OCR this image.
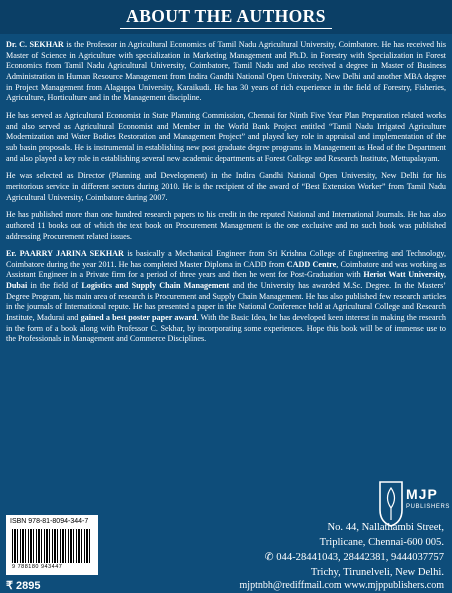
ABOUT THE AUTHORS

Dr. C. SEKHAR is the Professor in Agricultural Economics of Tamil Nadu Agricultural University, Coimbatore. He has received his Master of Science in Agriculture with specialization in Marketing Management and Ph.D. in Forestry with Specialization in Forest Economics from Tamil Nadu Agricultural University, Coimbatore, Tamil Nadu and also received a degree in Master of Business Administration in Human Resource Management from Indira Gandhi National Open University, New Delhi and another MBA degree in Project Management from Alagappa University, Karaikudi. He has 30 years of rich experience in the field of Forestry, Fisheries, Agriculture, Horticulture and in the Management discipline.

He has served as Agricultural Economist in State Planning Commission, Chennai for Ninth Five Year Plan Preparation related works and also served as Agricultural Economist and Member in the World Bank Project entitled “Tamil Nadu Irrigated Agriculture Modernization and Water Bodies Restoration and Management Project” and played key role in appraisal and implementation of the sub basin proposals. He is instrumental in establishing new post graduate degree programs in Management as Head of the Department and also played a key role in establishing several new academic departments at Forest College and Research Institute, Mettupalayam.

He was selected as Director (Planning and Development) in the Indira Gandhi National Open University, New Delhi for his meritorious service in different sectors during 2010. He is the recipient of the award of “Best Extension Worker” from Tamil Nadu Agricultural University, Coimbatore during 2007.

He has published more than one hundred research papers to his credit in the reputed National and International Journals. He has also authored 11 books out of which the text book on Procurement Management is the one exclusive and no such book was published addressing Procurement related issues.

Er. PAARRY JARINA SEKHAR is basically a Mechanical Engineer from Sri Krishna College of Engineering and Technology, Coimbatore during the year 2011. He has completed Master Diploma in CADD from CADD Centre, Coimbatore and was working as Assistant Engineer in a Private firm for a period of three years and then he went for Post-Graduation with Heriot Watt University, Dubai in the field of Logistics and Supply Chain Management and the University has awarded M.Sc. Degree. In the Masters’ Degree Program, his main area of research is Procurement and Supply Chain Management. He has also published few research articles in the journals of International repute. He has presented a paper in the National Conference held at Agricultural College and Research Institute, Madurai and gained a best poster paper award. With the Basic Idea, he has developed keen interest in making the research in the form of a book along with Professor C. Sekhar, by incorporating some experiences. Hope this book will be of immense use to the Professionals in Management and Commerce Disciplines.

MJP
PUBLISHERS
ISBN 978-81-8094-344-7
9 788180 943447
₹ 2895
No. 44, Nallathambi Street,
Triplicane, Chennai-600 005.
✆ 044-28441043, 28442381, 9444037757
Trichy, Tirunelveli, New Delhi.
mjptnbh@rediffmail.com www.mjppublishers.com
